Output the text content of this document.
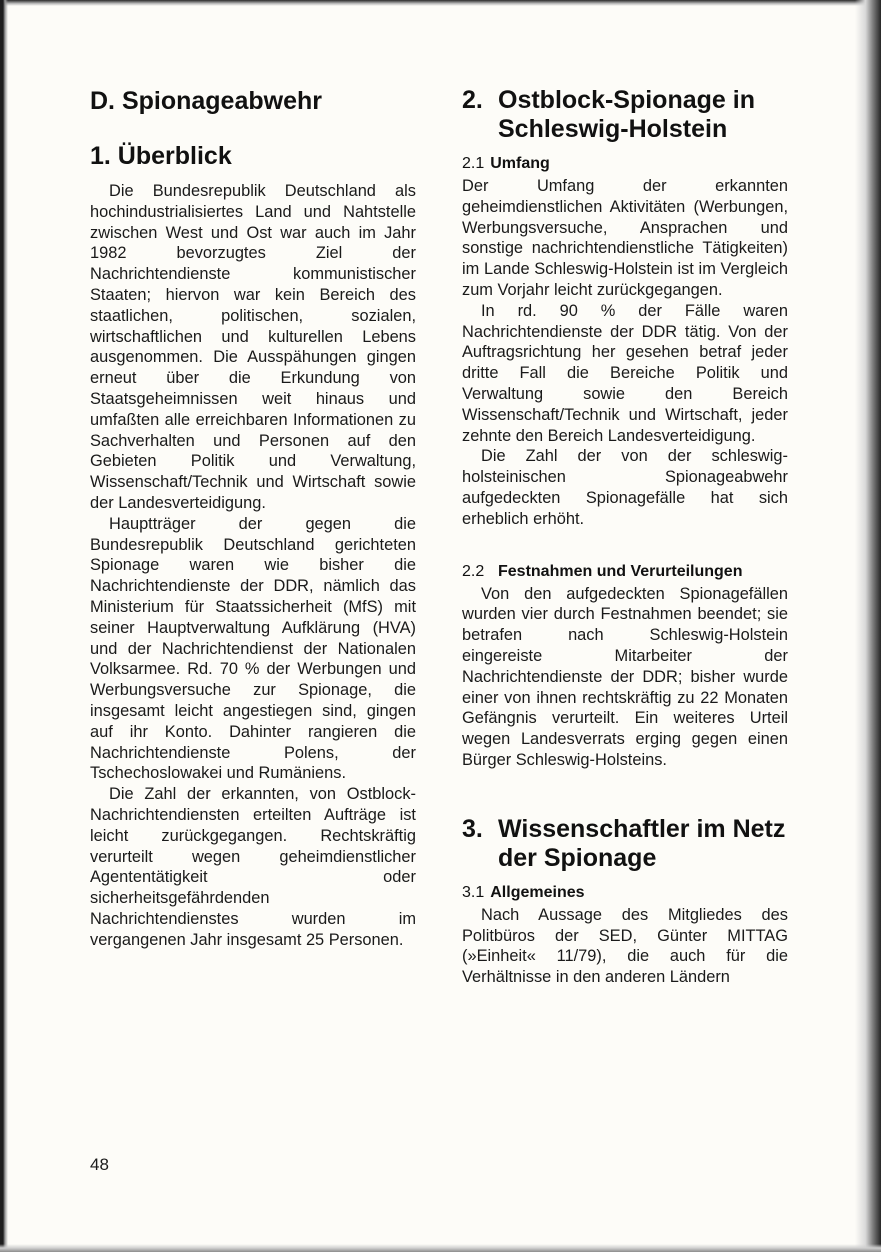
D. Spionageabwehr
1. Überblick

Die Bundesrepublik Deutschland als hochindustrialisiertes Land und Nahtstelle zwischen West und Ost war auch im Jahr 1982 bevorzugtes Ziel der Nachrichtendienste kommunistischer Staaten; hiervon war kein Bereich des staatlichen, politischen, sozialen, wirtschaftlichen und kulturellen Lebens ausgenommen. Die Ausspähungen gingen erneut über die Erkundung von Staatsgeheimnissen weit hinaus und umfaßten alle erreichbaren Informationen zu Sachverhalten und Personen auf den Gebieten Politik und Verwaltung, Wissenschaft/Technik und Wirtschaft sowie der Landesverteidigung.

Hauptträger der gegen die Bundesrepublik Deutschland gerichteten Spionage waren wie bisher die Nachrichtendienste der DDR, nämlich das Ministerium für Staatssicherheit (MfS) mit seiner Hauptverwaltung Aufklärung (HVA) und der Nachrichtendienst der Nationalen Volksarmee. Rd. 70 % der Werbungen und Werbungsversuche zur Spionage, die insgesamt leicht angestiegen sind, gingen auf ihr Konto. Dahinter rangieren die Nachrichtendienste Polens, der Tschechoslowakei und Rumäniens.

Die Zahl der erkannten, von Ostblock-Nachrichtendiensten erteilten Aufträge ist leicht zurückgegangen. Rechtskräftig verurteilt wegen geheimdienstlicher Agententätigkeit oder sicherheitsgefährdenden Nachrichtendienstes wurden im vergangenen Jahr insgesamt 25 Personen.

2. Ostblock-Spionage in Schleswig-Holstein
2.1 Umfang

Der Umfang der erkannten geheimdienstlichen Aktivitäten (Werbungen, Werbungsversuche, Ansprachen und sonstige nachrichtendienstliche Tätigkeiten) im Lande Schleswig-Holstein ist im Vergleich zum Vorjahr leicht zurückgegangen.

In rd. 90 % der Fälle waren Nachrichtendienste der DDR tätig. Von der Auftragsrichtung her gesehen betraf jeder dritte Fall die Bereiche Politik und Verwaltung sowie den Bereich Wissenschaft/Technik und Wirtschaft, jeder zehnte den Bereich Landesverteidigung.

Die Zahl der von der schleswig-holsteinischen Spionageabwehr aufgedeckten Spionagefälle hat sich erheblich erhöht.

2.2 Festnahmen und Verurteilungen

Von den aufgedeckten Spionagefällen wurden vier durch Festnahmen beendet; sie betrafen nach Schleswig-Holstein eingereiste Mitarbeiter der Nachrichtendienste der DDR; bisher wurde einer von ihnen rechtskräftig zu 22 Monaten Gefängnis verurteilt. Ein weiteres Urteil wegen Landesverrats erging gegen einen Bürger Schleswig-Holsteins.

3. Wissenschaftler im Netz der Spionage
3.1 Allgemeines

Nach Aussage des Mitgliedes des Politbüros der SED, Günter MITTAG (»Einheit« 11/79), die auch für die Verhältnisse in den anderen Ländern

48
